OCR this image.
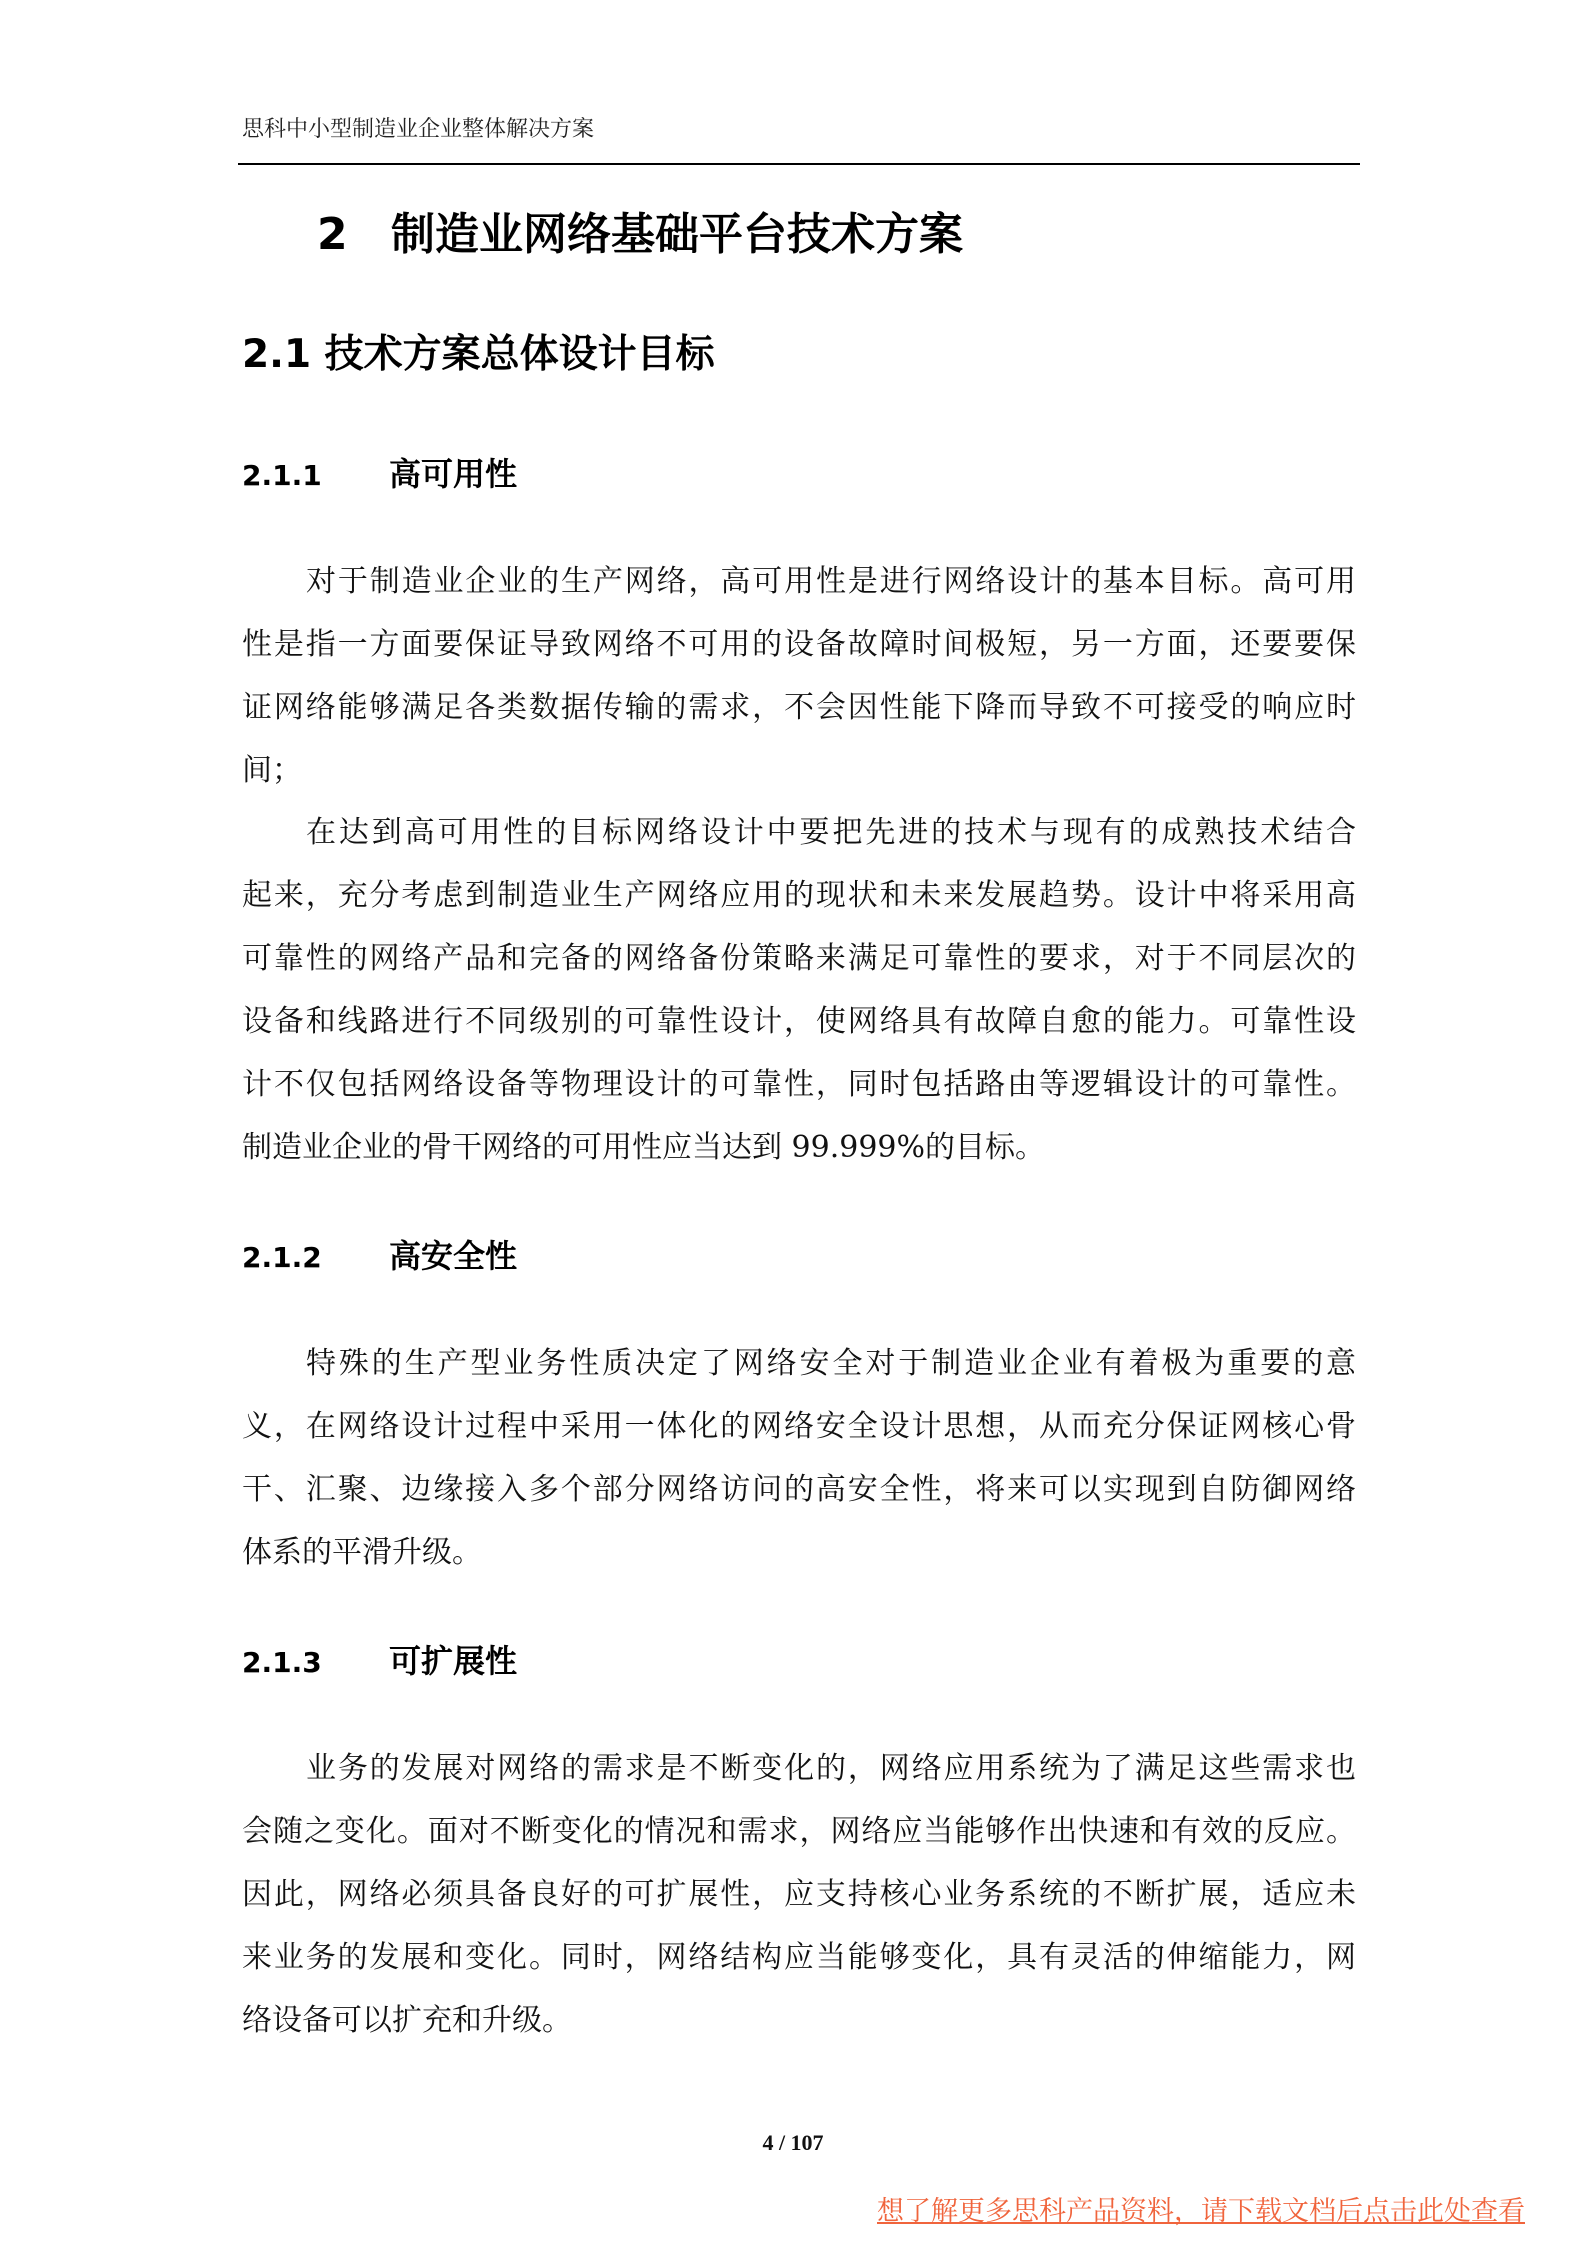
思科中小型制造业企业整体解决方案
2 制造业网络基础平台技术方案
2.1 技术方案总体设计目标
2.1.1 高可用性
对于制造业企业的生产网络，高可用性是进行网络设计的基本目标。高可用
性是指一方面要保证导致网络不可用的设备故障时间极短，另一方面，还要要保
证网络能够满足各类数据传输的需求，不会因性能下降而导致不可接受的响应时
间；
在达到高可用性的目标网络设计中要把先进的技术与现有的成熟技术结合
起来，充分考虑到制造业生产网络应用的现状和未来发展趋势。设计中将采用高
可靠性的网络产品和完备的网络备份策略来满足可靠性的要求，对于不同层次的
设备和线路进行不同级别的可靠性设计，使网络具有故障自愈的能力。可靠性设
计不仅包括网络设备等物理设计的可靠性，同时包括路由等逻辑设计的可靠性。
制造业企业的骨干网络的可用性应当达到 99.999%的目标。
2.1.2 高安全性
特殊的生产型业务性质决定了网络安全对于制造业企业有着极为重要的意
义，在网络设计过程中采用一体化的网络安全设计思想，从而充分保证网核心骨
干、汇聚、边缘接入多个部分网络访问的高安全性，将来可以实现到自防御网络
体系的平滑升级。
2.1.3 可扩展性
业务的发展对网络的需求是不断变化的，网络应用系统为了满足这些需求也
会随之变化。面对不断变化的情况和需求，网络应当能够作出快速和有效的反应。
因此，网络必须具备良好的可扩展性，应支持核心业务系统的不断扩展，适应未
来业务的发展和变化。同时，网络结构应当能够变化，具有灵活的伸缩能力，网
络设备可以扩充和升级。
4 / 107
想了解更多思科产品资料，请下载文档后点击此处查看
